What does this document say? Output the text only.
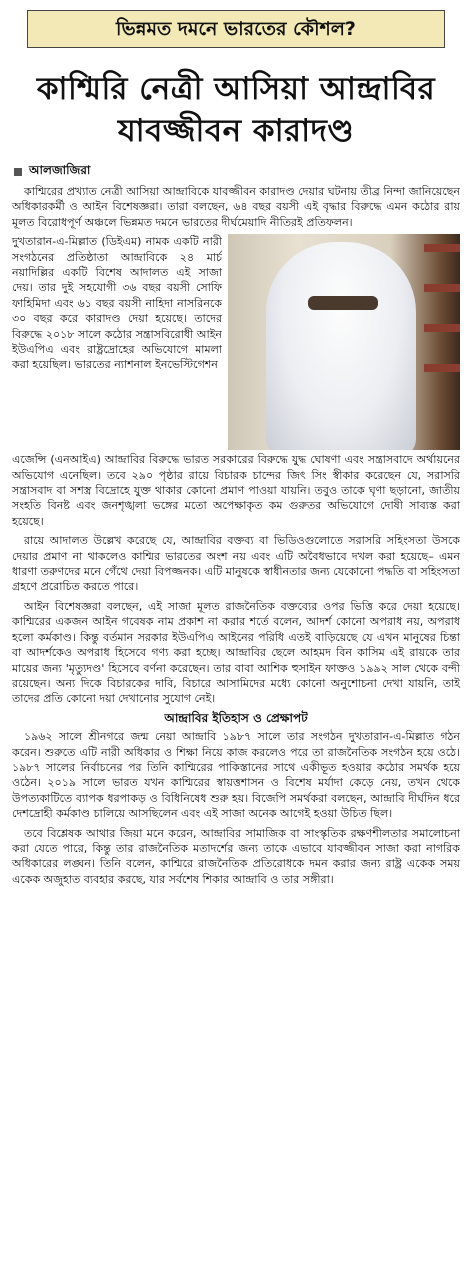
ভিন্নমত দমনে ভারতের কৌশল?
কাশ্মিরি নেত্রী আসিয়া আন্দ্রাবির যাবজ্জীবন কারাদণ্ড
আলজাজিরা

কাশ্মিরের প্রখ্যাত নেত্রী আসিয়া আন্দ্রাবিকে যাবজ্জীবন কারাদণ্ড দেয়ার ঘটনায় তীব্র নিন্দা জানিয়েছেন অধিকারকর্মী ও আইন বিশেষজ্ঞরা। তারা বলছেন, ৬৪ বছর বয়সী এই বৃদ্ধার বিরুদ্ধে এমন কঠোর রায় মূলত বিরোধপূর্ণ অঞ্চলে ভিন্নমত দমনে ভারতের দীর্ঘমেয়াদি নীতিরই প্রতিফলন।

দুখতারান-এ-মিল্লাত (ডিইএম) নামক একটি নারী সংগঠনের প্রতিষ্ঠাতা আন্দ্রাবিকে ২৪ মার্চ নয়াদিল্লির একটি বিশেষ আদালত এই সাজা দেয়। তার দুই সহযোগী ৩৬ বছর বয়সী সোফি ফাহিমিদা এবং ৬১ বছর বয়সী নাহিদা নাসরিনকে ৩০ বছর করে কারাদণ্ড দেয়া হয়েছে। তাদের বিরুদ্ধে ২০১৮ সালে কঠোর সন্ত্রাসবিরোধী আইন ইউএপিএ এবং রাষ্ট্রদ্রোহের অভিযোগে মামলা করা হয়েছিল। ভারতের ন্যাশনাল ইনভেস্টিগেশন

এজেন্সি (এনআইএ) আন্দ্রাবির বিরুদ্ধে ভারত সরকারের বিরুদ্ধে যুদ্ধ ঘোষণা এবং সন্ত্রাসবাদে অর্থায়নের অভিযোগ এনেছিল। তবে ২৯০ পৃষ্ঠার রায়ে বিচারক চান্দের জিৎ সিং স্বীকার করেছেন যে, সরাসরি সন্ত্রাসবাদ বা সশস্ত্র বিদ্রোহে যুক্ত থাকার কোনো প্রমাণ পাওয়া যায়নি। তবুও তাকে ঘৃণা ছড়ানো, জাতীয় সংহতি বিনষ্ট এবং জনশৃঙ্খলা ভঙ্গের মতো অপেক্ষাকৃত কম গুরুতর অভিযোগে দোষী সাব্যস্ত করা হয়েছে।

রায়ে আদালত উল্লেখ করেছে যে, আন্দ্রাবির বক্তব্য বা ভিডিওগুলোতে সরাসরি সহিংসতা উসকে দেয়ার প্রমাণ না থাকলেও কাশ্মির ভারতের অংশ নয় এবং এটি অবৈধভাবে দখল করা হয়েছে– এমন ধারণা তরুণদের মনে গেঁথে দেয়া বিপজ্জনক। এটি মানুষকে স্বাধীনতার জন্য যেকোনো পদ্ধতি বা সহিংসতা গ্রহণে প্ররোচিত করতে পারে।

আইন বিশেষজ্ঞরা বলছেন, এই সাজা মূলত রাজনৈতিক বক্তব্যের ওপর ভিত্তি করে দেয়া হয়েছে। কাশ্মিরের একজন আইন গবেষক নাম প্রকাশ না করার শর্তে বলেন, আদর্শ কোনো অপরাধ নয়, অপরাধ হলো কর্মকাণ্ড। কিন্তু বর্তমান সরকার ইউএপিএ আইনের পরিধি এতই বাড়িয়েছে যে এখন মানুষের চিন্তা বা আদর্শকেও অপরাধ হিসেবে গণ্য করা হচ্ছে। আন্দ্রাবির ছেলে আহমদ বিন কাসিম এই রায়কে তার মায়ের জন্য 'মৃত্যুদণ্ড' হিসেবে বর্ণনা করেছেন। তার বাবা আশিক হুসাইন ফাক্তও ১৯৯২ সাল থেকে বন্দী রয়েছেন। অন্য দিকে বিচারকের দাবি, বিচারে আসামিদের মধ্যে কোনো অনুশোচনা দেখা যায়নি, তাই তাদের প্রতি কোনো দয়া দেখানোর সুযোগ নেই।

আন্দ্রাবির ইতিহাস ও প্রেক্ষাপট

১৯৬২ সালে শ্রীনগরে জন্ম নেয়া আন্দ্রাবি ১৯৮৭ সালে তার সংগঠন দুখতারান-এ-মিল্লাত গঠন করেন। শুরুতে এটি নারী অধিকার ও শিক্ষা নিয়ে কাজ করলেও পরে তা রাজনৈতিক সংগঠন হয়ে ওঠে। ১৯৮৭ সালের নির্বাচনের পর তিনি কাশ্মিরের পাকিস্তানের সাথে একীভূত হওয়ার কঠোর সমর্থক হয়ে ওঠেন। ২০১৯ সালে ভারত যখন কাশ্মিরের স্বায়ত্তশাসন ও বিশেষ মর্যাদা কেড়ে নেয়, তখন থেকে উপত্যকাটিতে ব্যাপক ধরপাকড় ও বিধিনিষেধ শুরু হয়। বিজেপি সমর্থকরা বলছেন, আন্দ্রাবি দীর্ঘদিন ধরে দেশদ্রোহী কর্মকাণ্ড চালিয়ে আসছিলেন এবং এই সাজা অনেক আগেই হওয়া উচিত ছিল।

তবে বিশ্লেষক আথার জিয়া মনে করেন, আন্দ্রাবির সামাজিক বা সাংস্কৃতিক রক্ষণশীলতার সমালোচনা করা যেতে পারে, কিন্তু তার রাজনৈতিক মতাদর্শের জন্য তাকে এভাবে যাবজ্জীবন সাজা করা নাগরিক অধিকারের লঙ্ঘন। তিনি বলেন, কাশ্মিরে রাজনৈতিক প্রতিরোধকে দমন করার জন্য রাষ্ট্র একেক সময় একেক অজুহাত ব্যবহার করছে, যার সর্বশেষ শিকার আন্দ্রাবি ও তার সঙ্গীরা।
